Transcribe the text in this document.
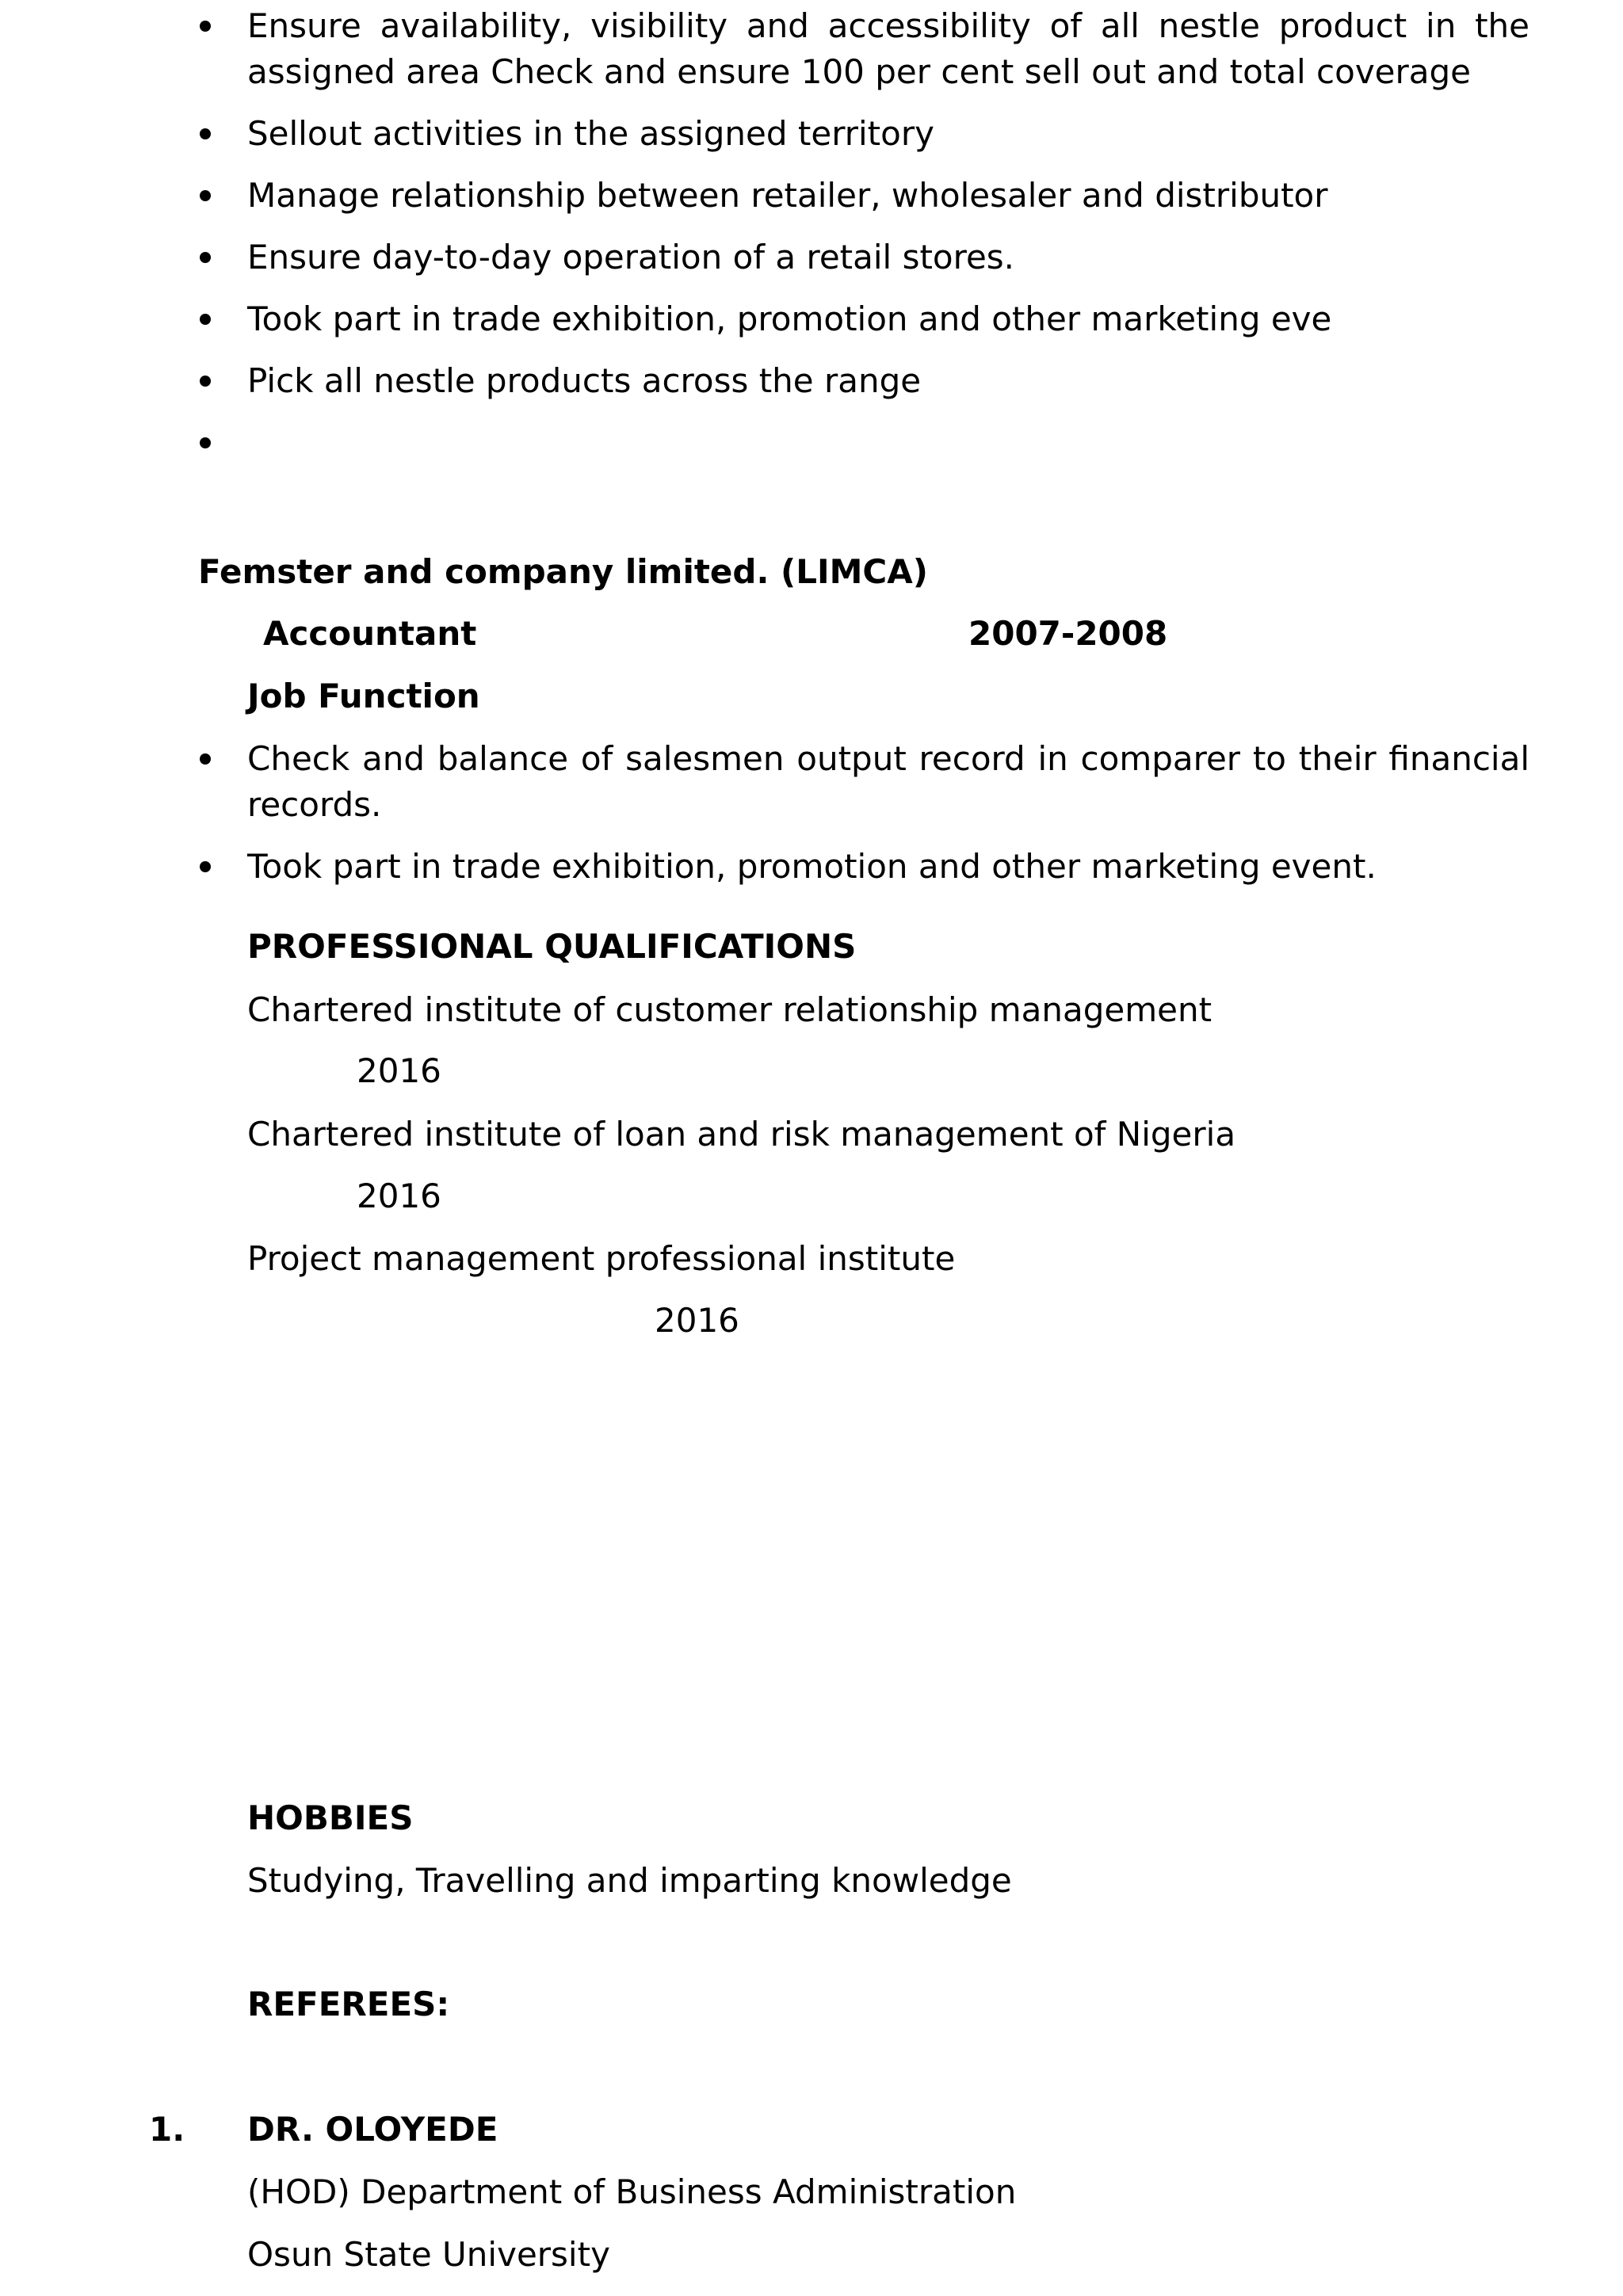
Ensure availability, visibility and accessibility of all nestle product in the assigned area Check and ensure 100 per cent sell out and total coverage
Sellout activities in the assigned territory
Manage relationship between retailer, wholesaler and distributor
Ensure day-to-day operation of a retail stores.
Took part in trade exhibition, promotion and other marketing eve
Pick all nestle products across the range
Femster and company limited. (LIMCA)
Accountant	2007-2008
Job Function
Check and balance of salesmen output record in comparer to their financial records.
Took part in trade exhibition, promotion and other marketing event.
PROFESSIONAL QUALIFICATIONS
Chartered institute of customer relationship management
2016
Chartered institute of loan and risk management of Nigeria
2016
Project management professional institute
2016
HOBBIES
Studying, Travelling and imparting knowledge
REFEREES:
1. DR. OLOYEDE
(HOD) Department of Business Administration
Osun State University
